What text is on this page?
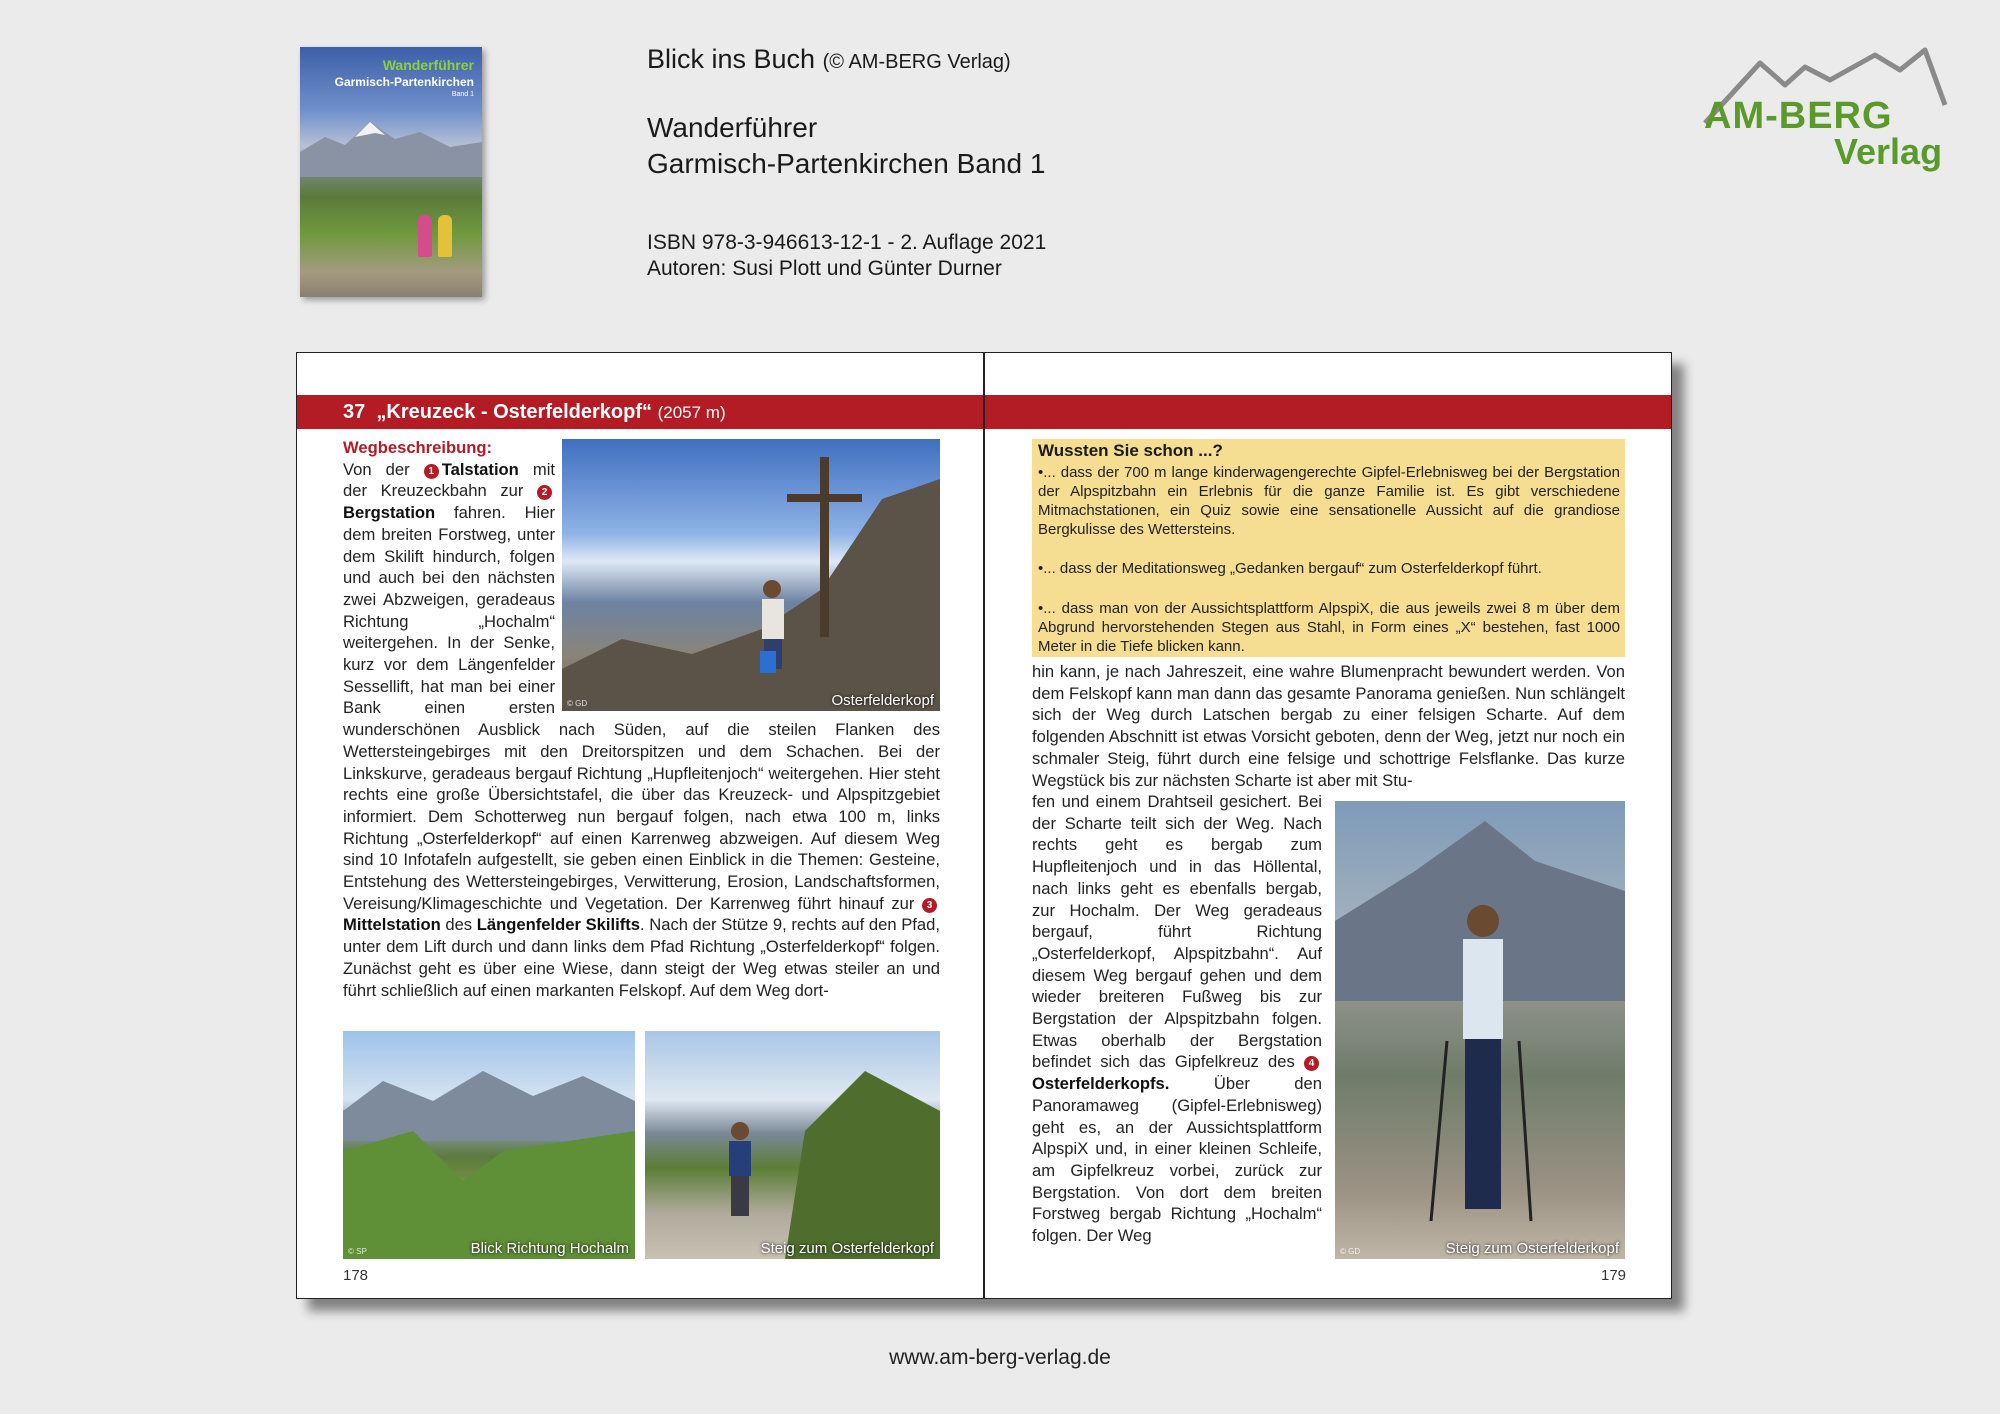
Wanderführer
Garmisch-Partenkirchen
Band 1
Blick ins Buch (© AM-BERG Verlag)
Wanderführer
Garmisch-Partenkirchen Band 1
ISBN 978-3-946613-12-1 - 2. Auflage 2021
Autoren: Susi Plott und Günter Durner
AM-BERG
Verlag
37 „Kreuzeck - Osterfelderkopf“ (2057 m)
© GD	Osterfelderkopf

Wegbeschreibung:
Von der 1 Talstation mit der Kreuzeckbahn zur 2Bergstation fahren. Hier dem breiten Forstweg, unter dem Skilift hindurch, folgen und auch bei den nächsten zwei Abzweigen, geradeaus Richtung „Hochalm“ weitergehen. In der Senke, kurz vor dem Längenfelder Sessellift, hat man bei einer Bank einen ersten wunderschönen Ausblick nach Süden, auf die steilen Flanken des Wettersteingebirges mit den Dreitorspitzen und dem Schachen. Bei der Linkskurve, geradeaus bergauf Richtung „Hupfleitenjoch“ weitergehen. Hier steht rechts eine große Übersichtstafel, die über das Kreuzeck- und Alpspitzgebiet informiert. Dem Schotterweg nun bergauf folgen, nach etwa 100 m, links Richtung „Osterfelderkopf“ auf einen Karrenweg abzweigen. Auf diesem Weg sind 10 Infotafeln aufgestellt, sie geben einen Einblick in die Themen: Gesteine, Entstehung des Wettersteingebirges, Verwitterung, Erosion, Landschaftsformen, Vereisung/Klimageschichte und Vegetation. Der Karrenweg führt hinauf zur 3Mittelstation des Längenfelder Skilifts. Nach der Stütze 9, rechts auf den Pfad, unter dem Lift durch und dann links dem Pfad Richtung „Osterfelderkopf“ folgen. Zunächst geht es über eine Wiese, dann steigt der Weg etwas steiler an und führt schließlich auf einen markanten Felskopf. Auf dem Weg dort-

© SP	Blick Richtung Hochalm	Steig zum Osterfelderkopf
178
Wussten Sie schon ...?
•... dass der 700 m lange kinderwagengerechte Gipfel-Erlebnisweg bei der Bergstation der Alpspitzbahn ein Erlebnis für die ganze Familie ist. Es gibt verschiedene Mitmachstationen, ein Quiz sowie eine sensationelle Aussicht auf die grandiose Bergkulisse des Wettersteins.
•... dass der Meditationsweg „Gedanken bergauf“ zum Osterfelderkopf führt.
•... dass man von der Aussichtsplattform AlpspiX, die aus jeweils zwei 8 m über dem Abgrund hervorstehenden Stegen aus Stahl, in Form eines „X“ bestehen, fast 1000 Meter in die Tiefe blicken kann.

hin kann, je nach Jahreszeit, eine wahre Blumenpracht bewundert werden. Von dem Felskopf kann man dann das gesamte Panorama genießen. Nun schlängelt sich der Weg durch Latschen bergab zu einer felsigen Scharte. Auf dem folgenden Abschnitt ist etwas Vorsicht geboten, denn der Weg, jetzt nur noch ein schmaler Steig, führt durch eine felsige und schottrige Felsflanke. Das kurze Wegstück bis zur nächsten Scharte ist aber mit Stu-

© GD	Steig zum Osterfelderkopf

fen und einem Drahtseil gesichert. Bei der Scharte teilt sich der Weg. Nach rechts geht es bergab zum Hupfleitenjoch und in das Höllental, nach links geht es ebenfalls bergab, zur Hochalm. Der Weg geradeaus bergauf, führt Richtung „Osterfelderkopf, Alpspitzbahn“. Auf diesem Weg bergauf gehen und dem wieder breiteren Fußweg bis zur Bergstation der Alpspitzbahn folgen. Etwas oberhalb der Bergstation befindet sich das Gipfelkreuz des 4Osterfelderkopfs. Über den Panoramaweg (Gipfel-Erlebnisweg) geht es, an der Aussichtsplattform AlpspiX und, in einer kleinen Schleife, am Gipfelkreuz vorbei, zurück zur Bergstation. Von dort dem breiten Forstweg bergab Richtung „Hochalm“ folgen. Der Weg

179
www.am-berg-verlag.de
